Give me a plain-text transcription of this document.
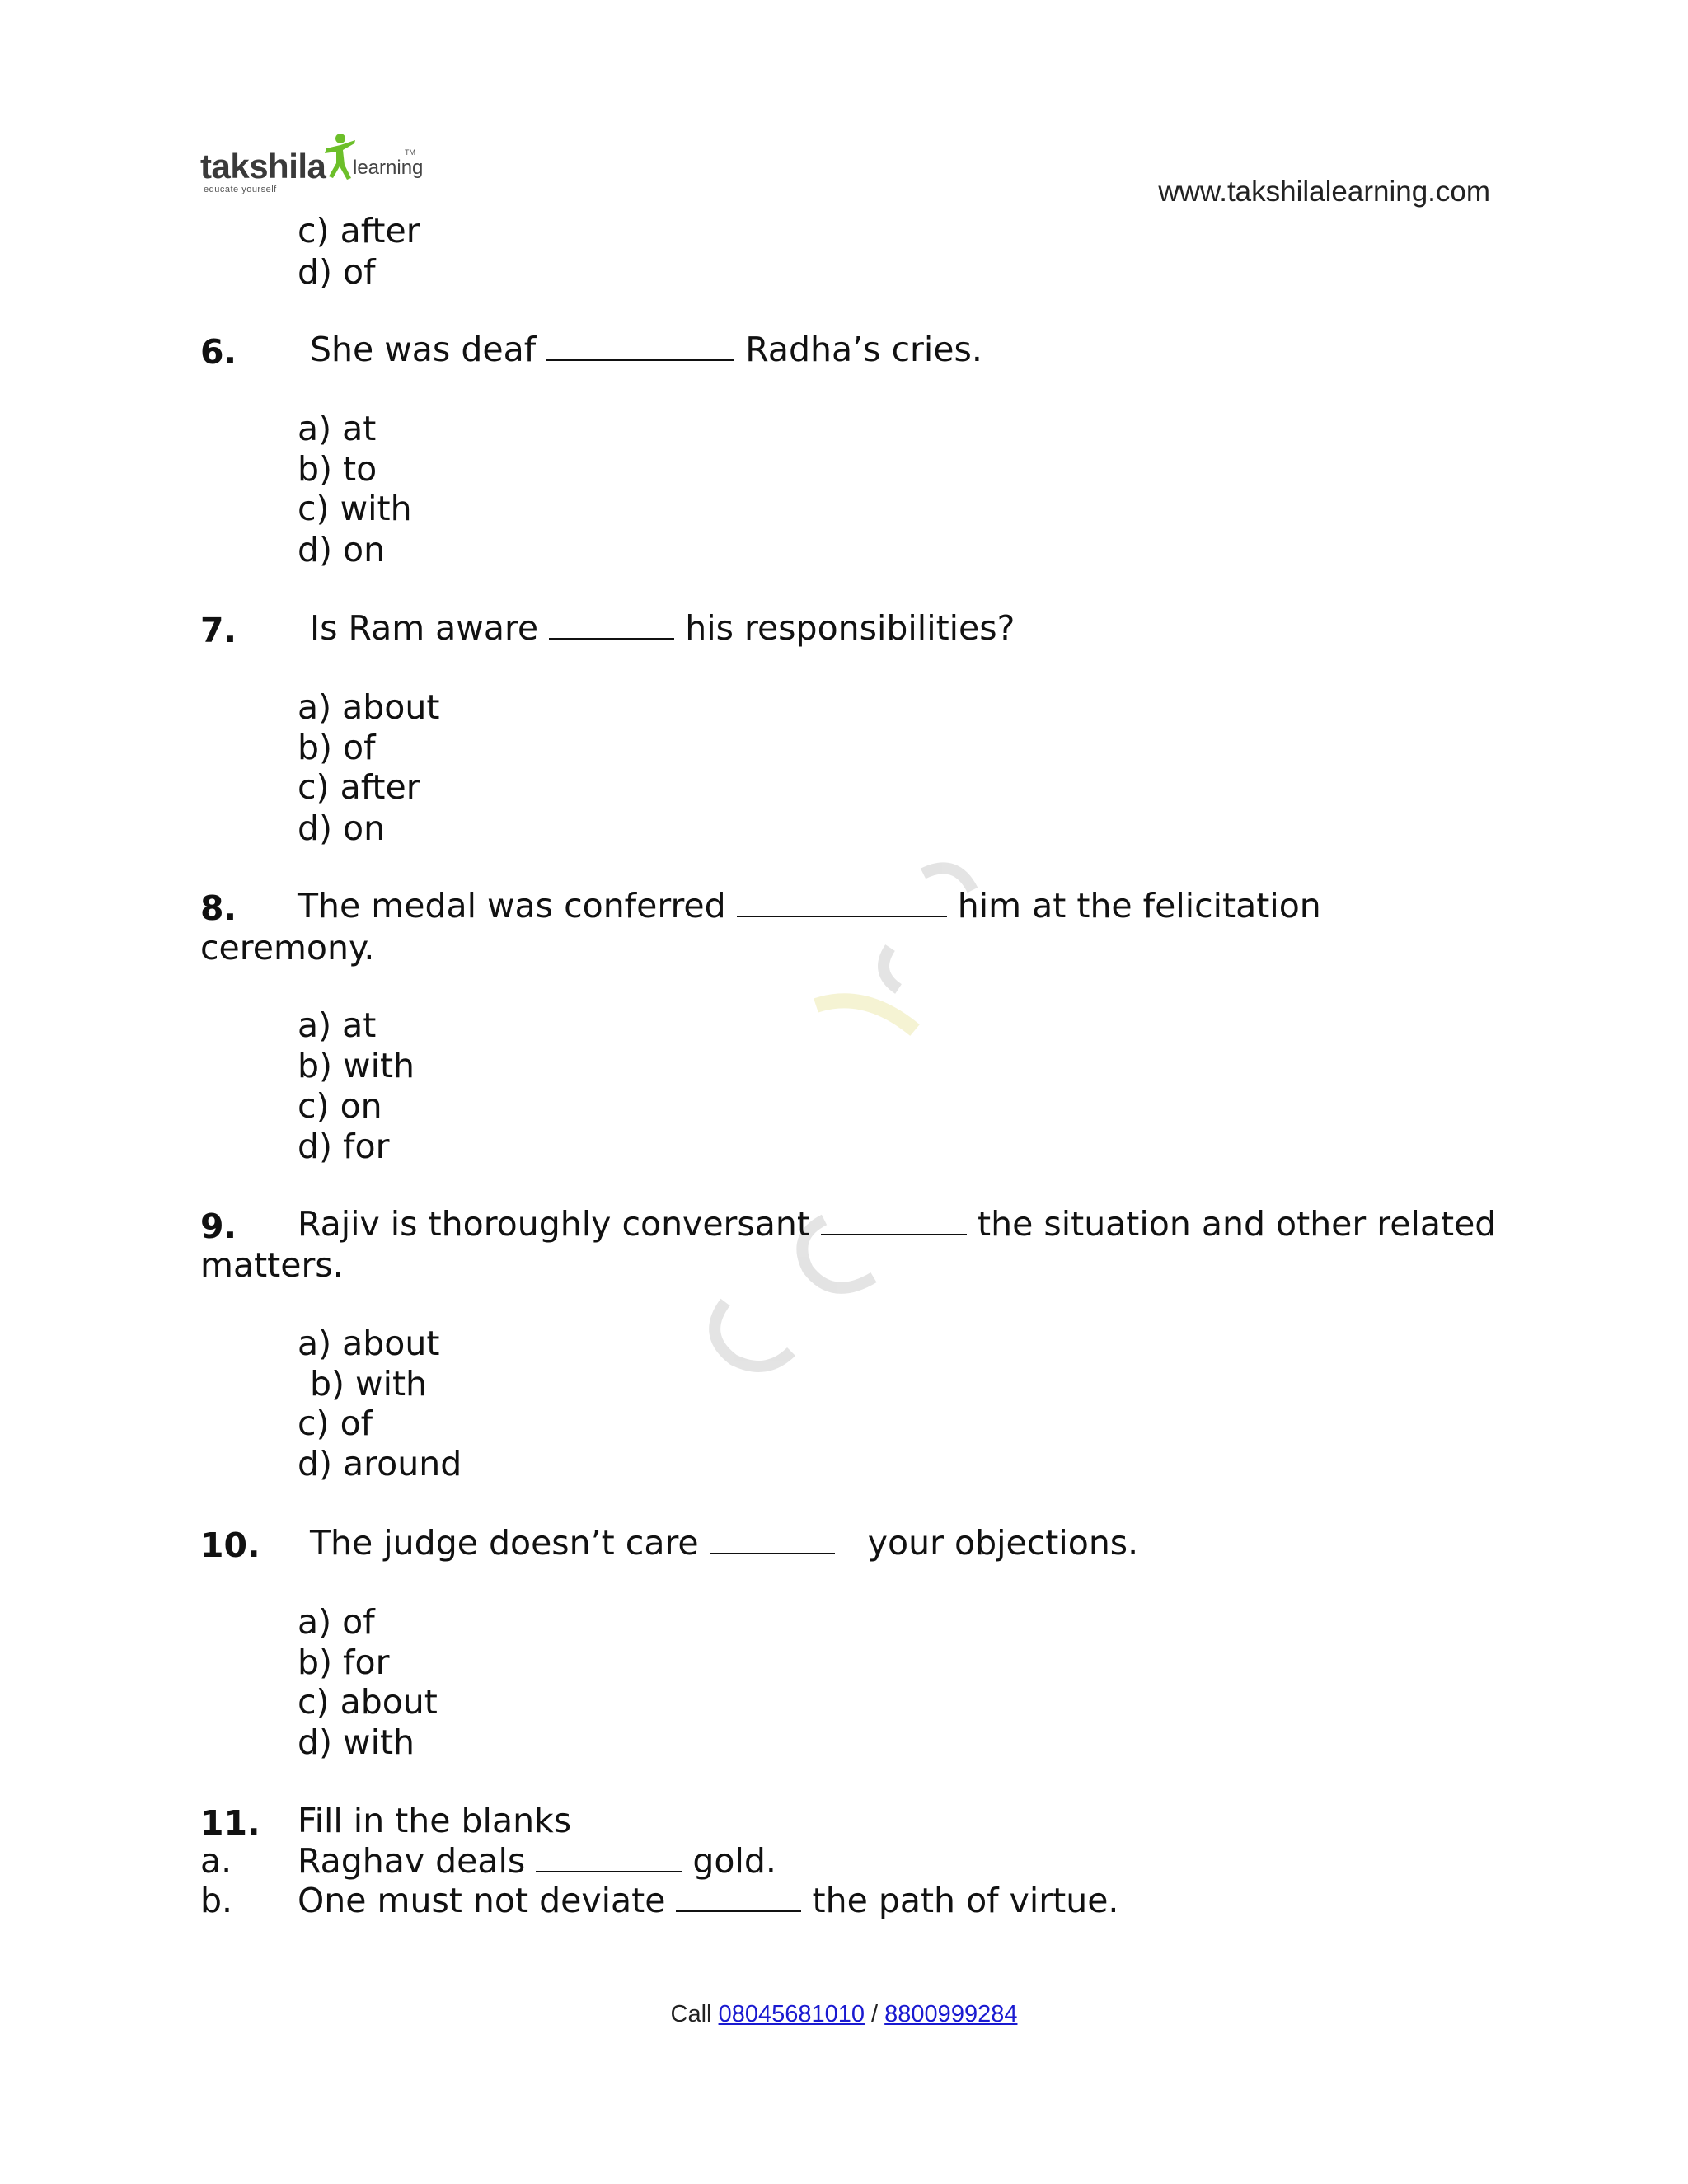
takshila learning
TM
educate yourself	www.takshilalearning.com
c) after
d) of
6. She was deaf	Radha’s cries.
a) at
b) to
c) with
d) on
7. Is Ram aware	his responsibilities?
a) about
b) of
c) after
d) on
8. The medal was conferred	him at the felicitation
ceremony.
a) at
b) with
c) on
d) for
9. Rajiv is thoroughly conversant	the situation and other related
matters.
a) about
b) with
c) of
d) around
10. The judge doesn’t care	your objections.
a) of
b) for
c) about
d) with
11. Fill in the blanks
a. Raghav deals	gold.
b. One must not deviate	the path of virtue.
Call 08045681010 / 8800999284
